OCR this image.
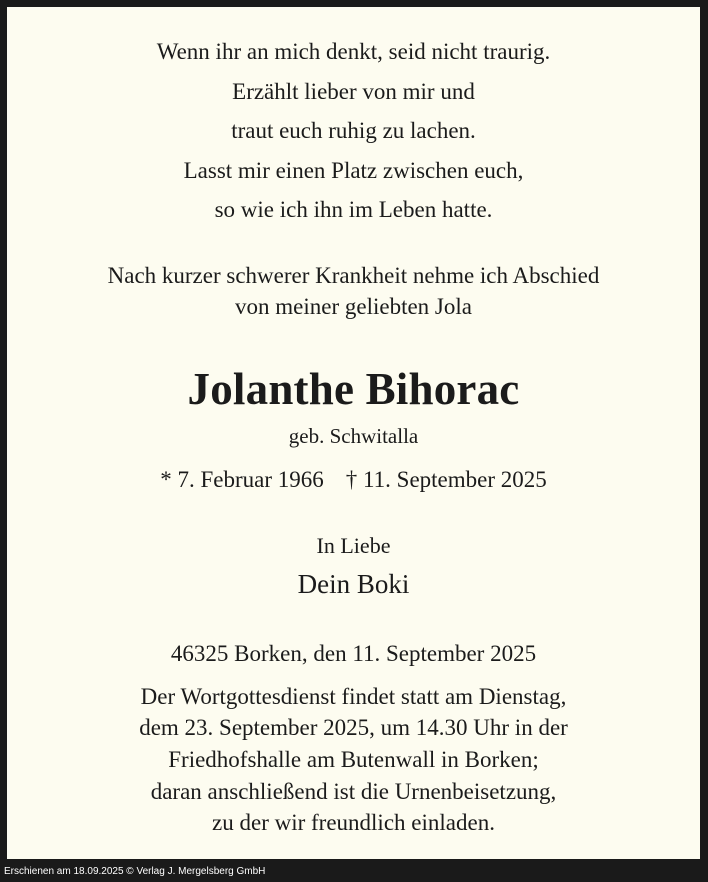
Wenn ihr an mich denkt, seid nicht traurig.
Erzählt lieber von mir und
traut euch ruhig zu lachen.
Lasst mir einen Platz zwischen euch,
so wie ich ihn im Leben hatte.
Nach kurzer schwerer Krankheit nehme ich Abschied
von meiner geliebten Jola
Jolanthe Bihorac
geb. Schwitalla
* 7. Februar 1966 † 11. September 2025
In Liebe
Dein Boki
46325 Borken, den 11. September 2025
Der Wortgottesdienst findet statt am Dienstag,
dem 23. September 2025, um 14.30 Uhr in der
Friedhofshalle am Butenwall in Borken;
daran anschließend ist die Urnenbeisetzung,
zu der wir freundlich einladen.
Erschienen am 18.09.2025 © Verlag J. Mergelsberg GmbH
